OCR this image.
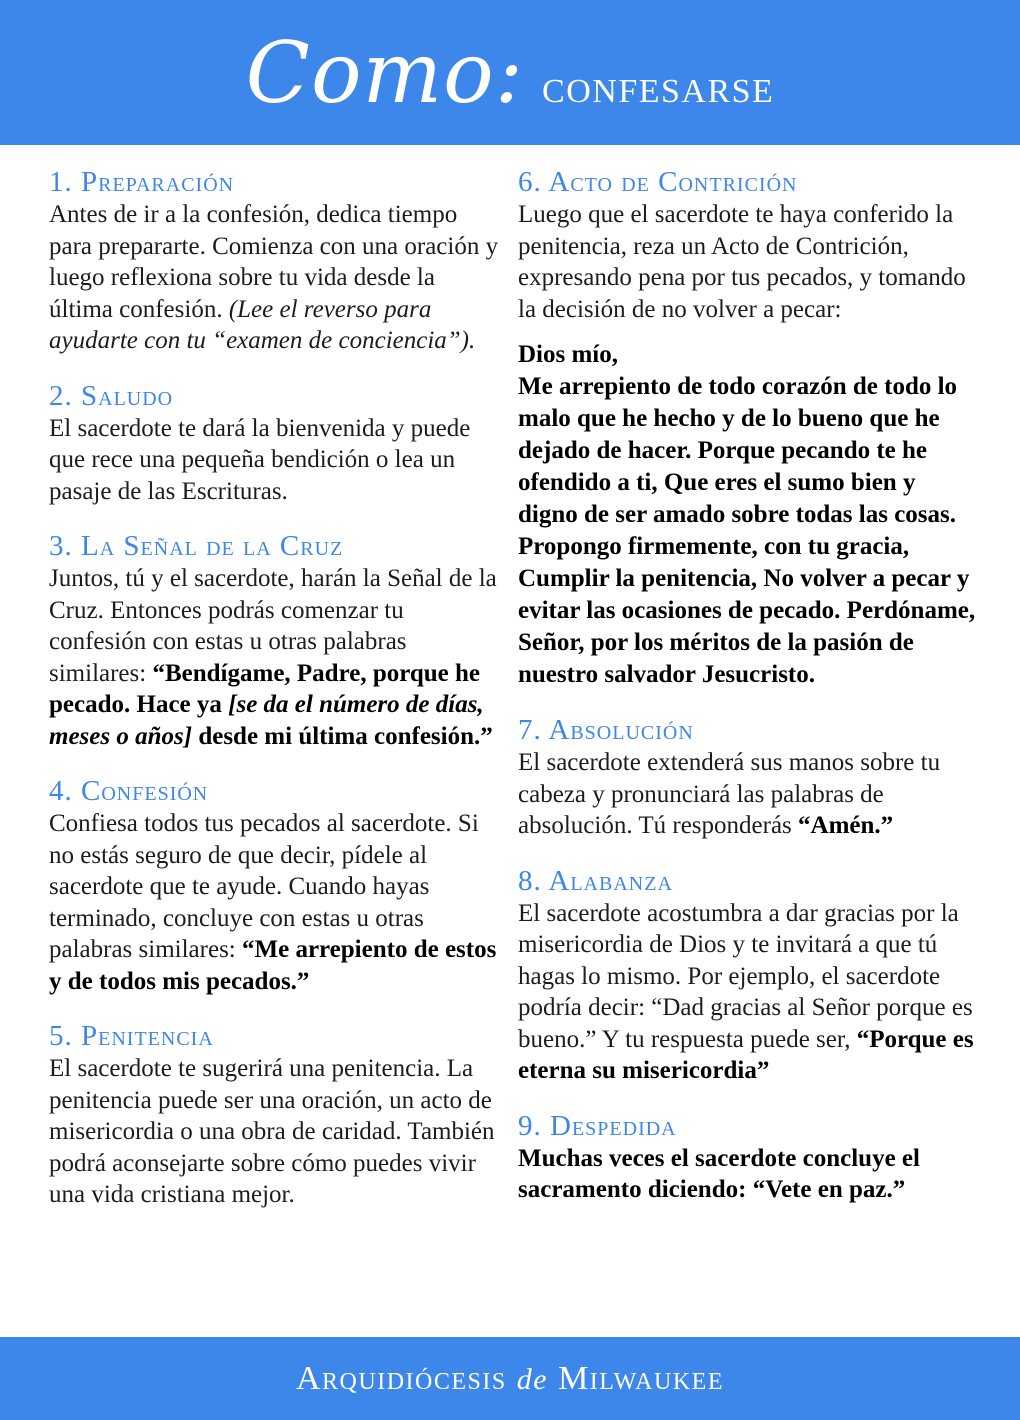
Como: confesarse
1. Preparación

Antes de ir a la confesión, dedica tiempo para prepararte. Comienza con una oración y luego reflexiona sobre tu vida desde la última confesión. (Lee el reverso para ayudarte con tu “examen de conciencia”).

2. Saludo

El sacerdote te dará la bienvenida y puede que rece una pequeña bendición o lea un pasaje de las Escrituras.

3. La Señal de la Cruz

Juntos, tú y el sacerdote, harán la Señal de la Cruz. Entonces podrás comenzar tu confesión con estas u otras palabras similares: “Bendígame, Padre, porque he pecado. Hace ya [se da el número de días, meses o años] desde mi última confesión.”

4. Confesión

Confiesa todos tus pecados al sacerdote. Si no estás seguro de que decir, pídele al sacerdote que te ayude. Cuando hayas terminado, concluye con estas u otras palabras similares: “Me arrepiento de estos y de todos mis pecados.”

5. Penitencia

El sacerdote te sugerirá una penitencia. La penitencia puede ser una oración, un acto de misericordia o una obra de caridad. También podrá aconsejarte sobre cómo puedes vivir una vida cristiana mejor.

6. Acto de Contrición

Luego que el sacerdote te haya conferido la penitencia, reza un Acto de Contrición, expresando pena por tus pecados, y tomando la decisión de no volver a pecar:

Dios mío,
Me arrepiento de todo corazón de todo lo malo que he hecho y de lo bueno que he dejado de hacer. Porque pecando te he ofendido a ti, Que eres el sumo bien y digno de ser amado sobre todas las cosas. Propongo firmemente, con tu gracia, Cumplir la penitencia, No volver a pecar y evitar las ocasiones de pecado. Perdóname, Señor, por los méritos de la pasión de nuestro salvador Jesucristo.

7. Absolución

El sacerdote extenderá sus manos sobre tu cabeza y pronunciará las palabras de absolución. Tú responderás “Amén.”

8. Alabanza

El sacerdote acostumbra a dar gracias por la misericordia de Dios y te invitará a que tú hagas lo mismo. Por ejemplo, el sacerdote podría decir: “Dad gracias al Señor porque es bueno.” Y tu respuesta puede ser, “Porque es eterna su misericordia”

9. Despedida

Muchas veces el sacerdote concluye el sacramento diciendo: “Vete en paz.”

Arquidiócesis de Milwaukee
